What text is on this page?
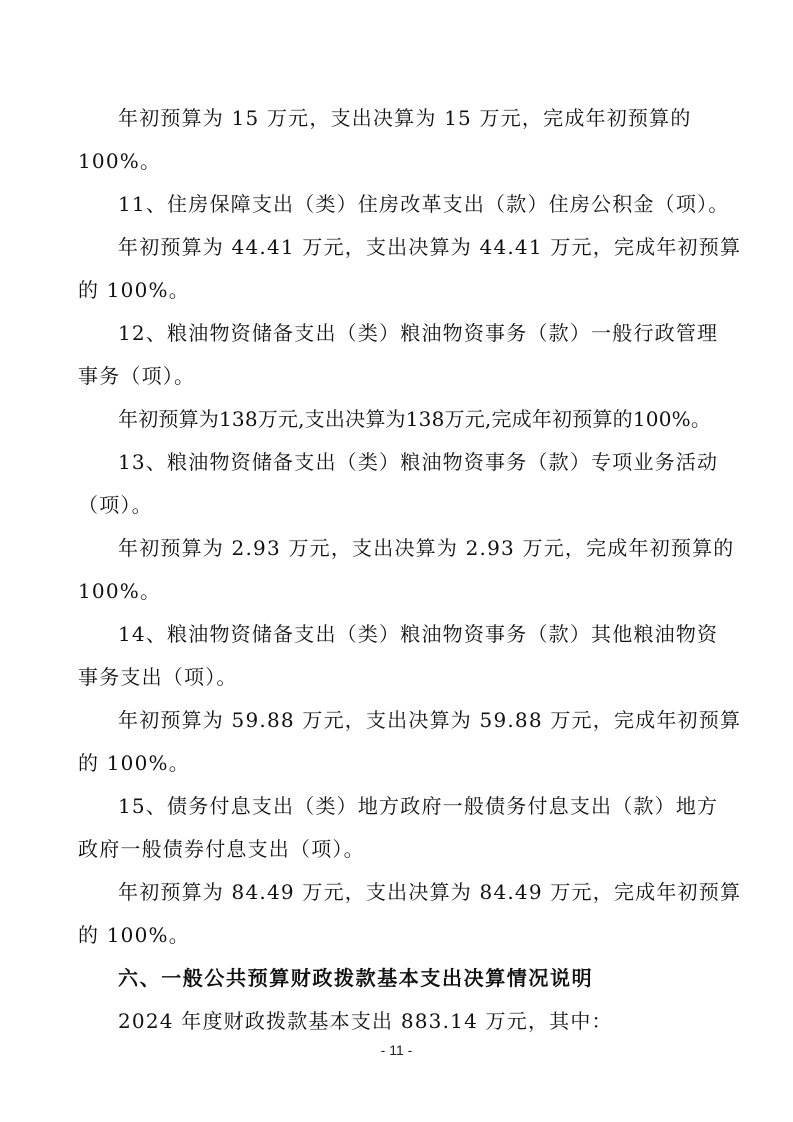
年初预算为 15 万元，支出决算为 15 万元，完成年初预算的
100%。
11、住房保障支出（类）住房改革支出（款）住房公积金（项）。
年初预算为 44.41 万元，支出决算为 44.41 万元，完成年初预算
的 100%。
12、粮油物资储备支出（类）粮油物资事务（款）一般行政管理
事务（项）。
年初预算为138万元,支出决算为138万元,完成年初预算的100%。
13、粮油物资储备支出（类）粮油物资事务（款）专项业务活动
（项）。
年初预算为 2.93 万元，支出决算为 2.93 万元，完成年初预算的
100%。
14、粮油物资储备支出（类）粮油物资事务（款）其他粮油物资
事务支出（项）。
年初预算为 59.88 万元，支出决算为 59.88 万元，完成年初预算
的 100%。
15、债务付息支出（类）地方政府一般债务付息支出（款）地方
政府一般债券付息支出（项）。
年初预算为 84.49 万元，支出决算为 84.49 万元，完成年初预算
的 100%。
六、一般公共预算财政拨款基本支出决算情况说明
2024 年度财政拨款基本支出 883.14 万元，其中：
- 11 -
